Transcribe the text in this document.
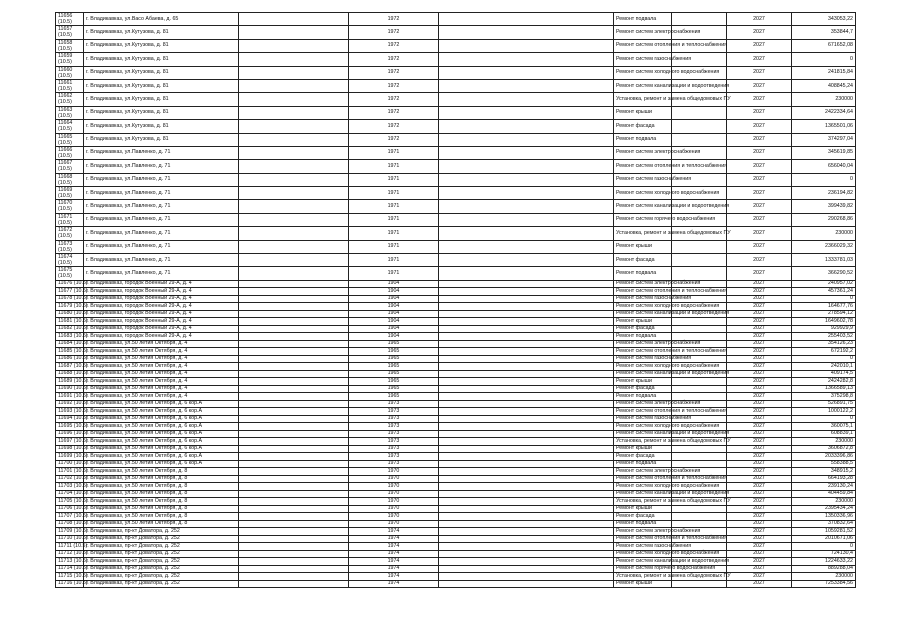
11656 (10.5)	г. Владикавказ, ул.Васо Абаева, д. 65		1972		Ремонт подвала		2027	343053,22
11657 (10.5)	г. Владикавказ, ул.Кутузова, д. 81		1972		Ремонт систем электроснабжения		2027	353844,7
11658 (10.5)	г. Владикавказ, ул.Кутузова, д. 81		1972		Ремонт систем отопления и теплоснабжения		2027	671652,08
11659 (10.5)	г. Владикавказ, ул.Кутузова, д. 81		1972		Ремонт систем газоснабжения		2027	0
11660 (10.5)	г. Владикавказ, ул.Кутузова, д. 81		1972		Ремонт систем холодного водоснабжения		2027	241815,84
11661 (10.5)	г. Владикавказ, ул.Кутузова, д. 81		1972		Ремонт систем канализации и водоотведения		2027	408845,24
11662 (10.5)	г. Владикавказ, ул.Кутузова, д. 81		1972		Установка, ремонт и замена общедомовых ПУ		2027	230000
11663 (10.5)	г. Владикавказ, ул.Кутузова, д. 81		1972		Ремонт крыши		2027	2422334,64
11664 (10.5)	г. Владикавказ, ул.Кутузова, д. 81		1972		Ремонт фасада		2027	1365501,06
11665 (10.5)	г. Владикавказ, ул.Кутузова, д. 81		1972		Ремонт подвала		2027	374297,04
11666 (10.5)	г. Владикавказ, ул.Павленко, д. 71		1971		Ремонт систем электроснабжения		2027	345619,85
11667 (10.5)	г. Владикавказ, ул.Павленко, д. 71		1971		Ремонт систем отопления и теплоснабжения		2027	656040,04
11668 (10.5)	г. Владикавказ, ул.Павленко, д. 71		1971		Ремонт систем газоснабжения		2027	0
11669 (10.5)	г. Владикавказ, ул.Павленко, д. 71		1971		Ремонт систем холодного водоснабжения		2027	236194,82
11670 (10.5)	г. Владикавказ, ул.Павленко, д. 71		1971		Ремонт систем канализации и водоотведения		2027	399439,82
11671 (10.5)	г. Владикавказ, ул.Павленко, д. 71		1971		Ремонт систем горячего водоснабжения		2027	290268,86
11672 (10.5)	г. Владикавказ, ул.Павленко, д. 71		1971		Установка, ремонт и замена общедомовых ПУ		2027	230000
11673 (10.5)	г. Владикавказ, ул.Павленко, д. 71		1971		Ремонт крыши		2027	2366029,32
11674 (10.5)	г. Владикавказ, ул.Павленко, д. 71		1971		Ремонт фасада		2027	1333781,03
11675 (10.5)	г. Владикавказ, ул.Павленко, д. 71		1971		Ремонт подвала		2027	366290,52
11676 (10.5)	г. Владикавказ, городок Военный 29-А, д. 4		1904		Ремонт систем электроснабжения		2027	240957,02
11677 (10.5)	г. Владикавказ, городок Военный 29-А, д. 4		1904		Ремонт систем отопления и теплоснабжения		2027	457361,24
11678 (10.5)	г. Владикавказ, городок Военный 29-А, д. 4		1904		Ремонт систем газоснабжения		2027	0
11679 (10.5)	г. Владикавказ, городок Военный 29-А, д. 4		1904		Ремонт систем холодного водоснабжения		2027	164677,76
11680 (10.5)	г. Владикавказ, городок Военный 29-А, д. 4		1904		Ремонт систем канализации и водоотведения		2027	278594,12
11681 (10.5)	г. Владикавказ, городок Военный 29-А, д. 4		1904		Ремонт крыши		2027	1649602,78
11682 (10.5)	г. Владикавказ, городок Военный 29-А, д. 4		1904		Ремонт фасада		2027	929929,9
11683 (10.5)	г. Владикавказ, городок Военный 29-А, д. 4		1904		Ремонт подвала		2027	255403,52
11684 (10.5)	г. Владикавказ, ул.50 летия Октября, д. 4		1965		Ремонт систем электроснабжения		2027	354126,23
11685 (10.5)	г. Владикавказ, ул.50 летия Октября, д. 4		1965		Ремонт систем отопления и теплоснабжения		2027	672192,2
11686 (10.5)	г. Владикавказ, ул.50 летия Октября, д. 4		1965		Ремонт систем газоснабжения		2027	0
11687 (10.5)	г. Владикавказ, ул.50 летия Октября, д. 4		1965		Ремонт систем холодного водоснабжения		2027	242010,1
11688 (10.5)	г. Владикавказ, ул.50 летия Октября, д. 4		1965		Ремонт систем канализации и водоотведения		2027	409174,5
11689 (10.5)	г. Владикавказ, ул.50 летия Октября, д. 4		1965		Ремонт крыши		2027	2424282,8
11690 (10.5)	г. Владикавказ, ул.50 летия Октября, д. 4		1965		Ремонт фасада		2027	1366589,13
11691 (10.5)	г. Владикавказ, ул.50 летия Октября, д. 4		1965		Ремонт подвала		2027	375298,8
11692 (10.5)	г. Владикавказ, ул.50 летия Октября, д. 6 кор.А		1973		Ремонт систем электроснабжения		2027	526891,75
11693 (10.5)	г. Владикавказ, ул.50 летия Октября, д. 6 кор.А		1973		Ремонт систем отопления и теплоснабжения		2027	1000122,2
11694 (10.5)	г. Владикавказ, ул.50 летия Октября, д. 6 кор.А		1973		Ремонт систем газоснабжения		2027	0
11695 (10.5)	г. Владикавказ, ул.50 летия Октября, д. 6 кор.А		1973		Ремонт систем холодного водоснабжения		2027	360075,1
11696 (10.5)	г. Владикавказ, ул.50 летия Октября, д. 6 кор.А		1973		Ремонт систем канализации и водоотведения		2027	608839,1
11697 (10.5)	г. Владикавказ, ул.50 летия Октября, д. 6 кор.А		1973		Установка, ремонт и замена общедомовых ПУ		2027	230000
11698 (10.5)	г. Владикавказ, ул.50 летия Октября, д. 6 кор.А		1973		Ремонт крыши		2027	3606872,8
11699 (10.5)	г. Владикавказ, ул.50 летия Октября, д. 6 кор.А		1973		Ремонт фасада		2027	2033396,86
11700 (10.5)	г. Владикавказ, ул.50 летия Октября, д. 6 кор.А		1973		Ремонт подвала		2027	558388,5
11701 (10.5)	г. Владикавказ, ул.50 летия Октября, д. 8		1970		Ремонт систем электроснабжения		2027	348915,2
11702 (10.5)	г. Владикавказ, ул.50 летия Октября, д. 8		1970		Ремонт систем отопления и теплоснабжения		2027	664193,28
11703 (10.5)	г. Владикавказ, ул.50 летия Октября, д. 8		1970		Ремонт систем холодного водоснабжения		2027	239130,24
11704 (10.5)	г. Владикавказ, ул.50 летия Октября, д. 8		1970		Ремонт систем канализации и водоотведения		2027	404459,84
11705 (10.5)	г. Владикавказ, ул.50 летия Октября, д. 8		1970		Установка, ремонт и замена общедомовых ПУ		2027	230000
11706 (10.5)	г. Владикавказ, ул.50 летия Октября, д. 8		1970		Ремонт крыши		2027	2395434,24
11707 (10.5)	г. Владикавказ, ул.50 летия Октября, д. 8		1970		Ремонт фасада		2027	1350336,96
11708 (10.5)	г. Владикавказ, ул.50 летия Октября, д. 8		1970		Ремонт подвала		2027	370832,64
11709 (10.5)	г. Владикавказ, пр-кт Доватора, д. 252		1974		Ремонт систем электроснабжения		2027	1059281,52
11710 (10.5)	г. Владикавказ, пр-кт Доватора, д. 252		1974		Ремонт систем отопления и теплоснабжения		2027	2010671,06
11711 (10.5)	г. Владикавказ, пр-кт Доватора, д. 252		1974		Ремонт систем газоснабжения		2027	0
11712 (10.5)	г. Владикавказ, пр-кт Доватора, д. 252		1974		Ремонт систем холодного водоснабжения		2027	724130,4
11713 (10.5)	г. Владикавказ, пр-кт Доватора, д. 252		1974		Ремонт систем канализации и водоотведения		2027	1224633,22
11714 (10.5)	г. Владикавказ, пр-кт Доватора, д. 252		1974		Ремонт систем горячего водоснабжения		2027	889288,04
11715 (10.5)	г. Владикавказ, пр-кт Доватора, д. 252		1974		Установка, ремонт и замена общедомовых ПУ		2027	230000
11716 (10.5)	г. Владикавказ, пр-кт Доватора, д. 252		1974		Ремонт крыши		2027	7253384,56
